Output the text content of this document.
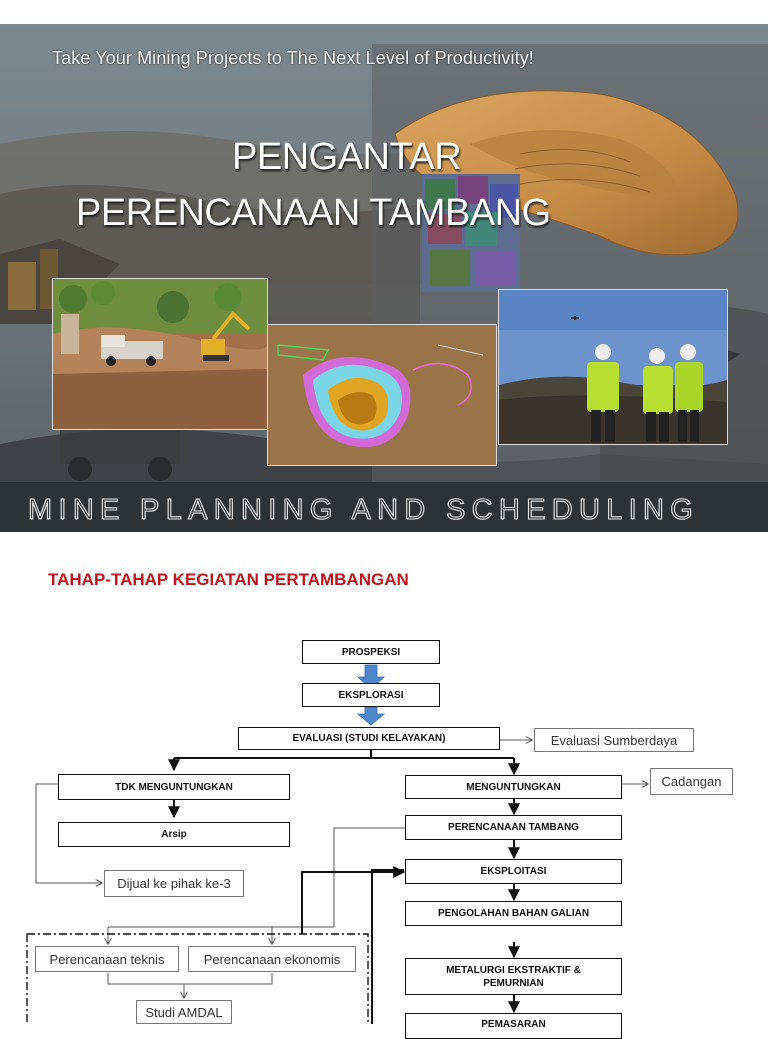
Take Your Mining Projects to The Next Level of Productivity!
PENGANTAR
PERENCANAAN TAMBANG
MINE PLANNING AND SCHEDULING
TAHAP-TAHAP KEGIATAN PERTAMBANGAN
PROSPEKSI
EKSPLORASI
EVALUASI (STUDI KELAYAKAN)
TDK MENGUNTUNGKAN
Arsip
MENGUNTUNGKAN
PERENCANAAN TAMBANG
EKSPLOITASI
PENGOLAHAN BAHAN GALIAN
METALURGI EKSTRAKTIF &
PEMURNIAN
PEMASARAN
Evaluasi Sumberdaya
Cadangan
Dijual ke pihak ke-3
Perencanaan teknis	Perencanaan ekonomis
Studi AMDAL
